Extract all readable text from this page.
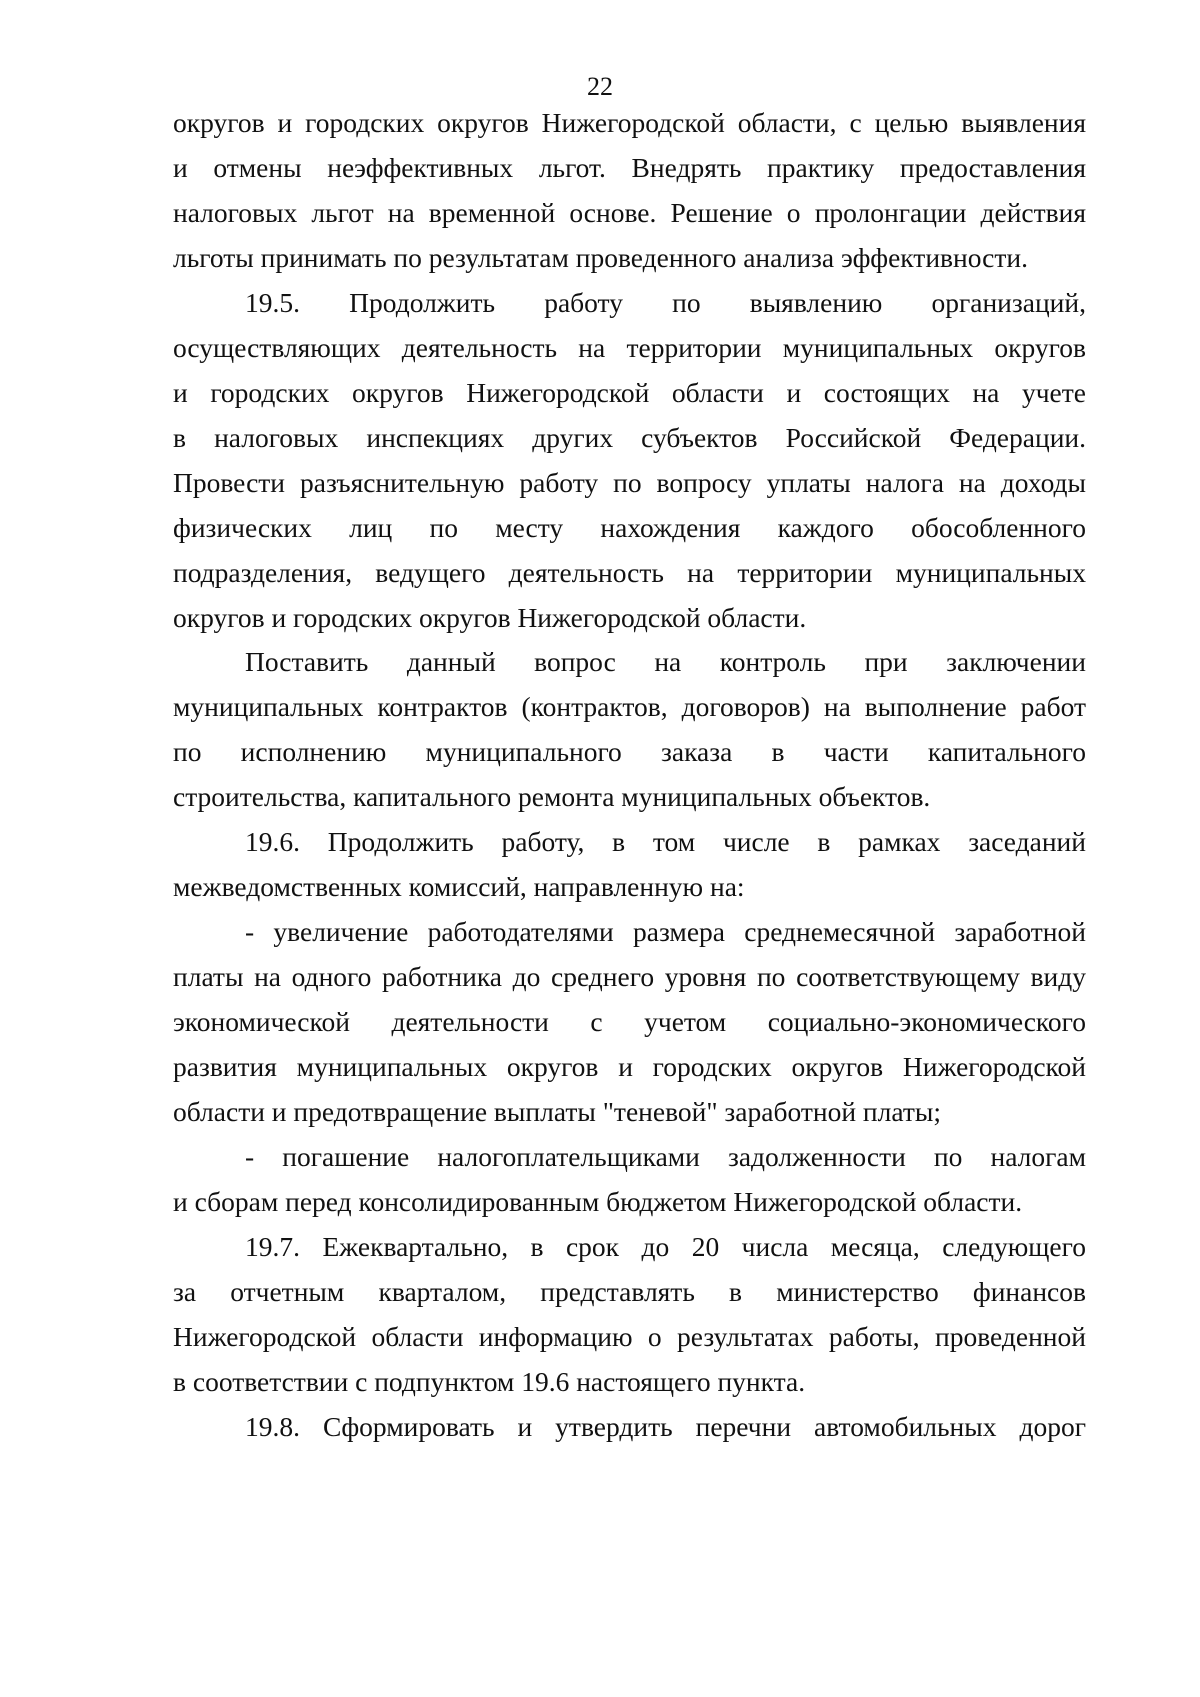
22
округов и городских округов Нижегородской области, с целью выявления
и отмены неэффективных льгот. Внедрять практику предоставления
налоговых льгот на временной основе. Решение о пролонгации действия
льготы принимать по результатам проведенного анализа эффективности.
19.5. Продолжить работу по выявлению организаций,
осуществляющих деятельность на территории муниципальных округов
и городских округов Нижегородской области и состоящих на учете
в налоговых инспекциях других субъектов Российской Федерации.
Провести разъяснительную работу по вопросу уплаты налога на доходы
физических лиц по месту нахождения каждого обособленного
подразделения, ведущего деятельность на территории муниципальных
округов и городских округов Нижегородской области.
Поставить данный вопрос на контроль при заключении
муниципальных контрактов (контрактов, договоров) на выполнение работ
по исполнению муниципального заказа в части капитального
строительства, капитального ремонта муниципальных объектов.
19.6. Продолжить работу, в том числе в рамках заседаний
межведомственных комиссий, направленную на:
- увеличение работодателями размера среднемесячной заработной
платы на одного работника до среднего уровня по соответствующему виду
экономической деятельности с учетом социально-экономического
развития муниципальных округов и городских округов Нижегородской
области и предотвращение выплаты "теневой" заработной платы;
- погашение налогоплательщиками задолженности по налогам
и сборам перед консолидированным бюджетом Нижегородской области.
19.7. Ежеквартально, в срок до 20 числа месяца, следующего
за отчетным кварталом, представлять в министерство финансов
Нижегородской области информацию о результатах работы, проведенной
в соответствии с подпунктом 19.6 настоящего пункта.
19.8. Сформировать и утвердить перечни автомобильных дорог
